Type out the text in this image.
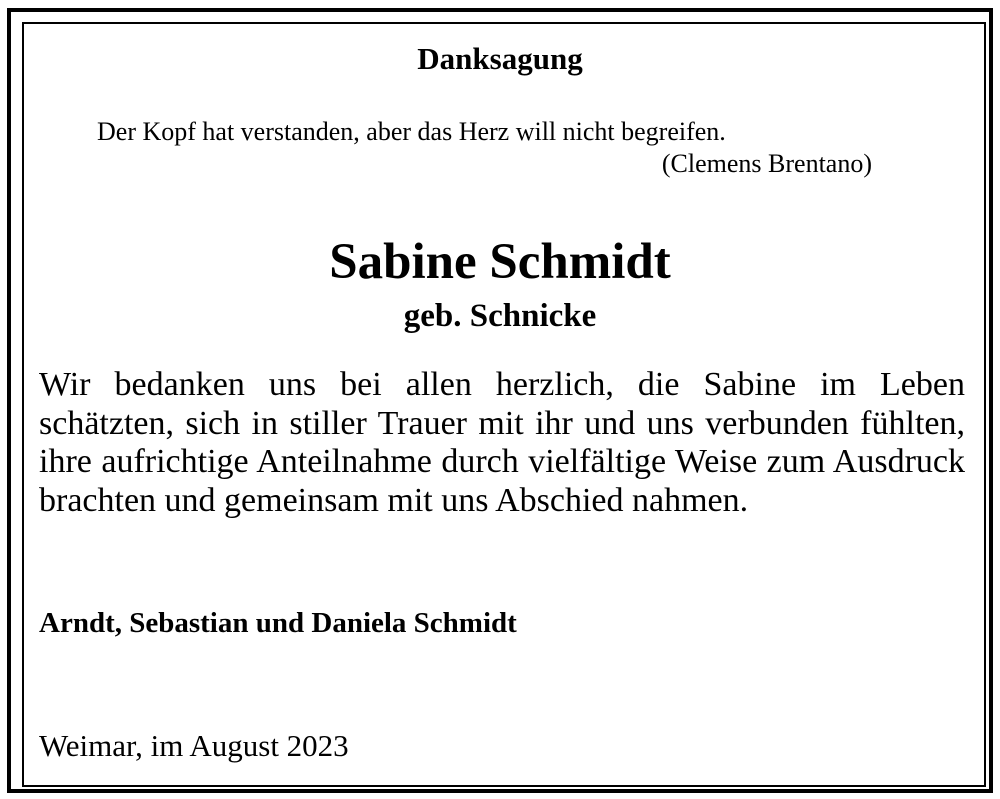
Danksagung

Der Kopf hat verstanden, aber das Herz will nicht begreifen.

(Clemens Brentano)

Sabine Schmidt

geb. Schnicke

Wir bedanken uns bei allen herzlich, die Sabine im Leben schätzten, sich in stiller Trauer mit ihr und uns verbunden fühlten, ihre aufrichtige Anteilnahme durch vielfältige Weise zum Ausdruck brachten und gemeinsam mit uns Abschied nahmen.

Arndt, Sebastian und Daniela Schmidt

Weimar, im August 2023
